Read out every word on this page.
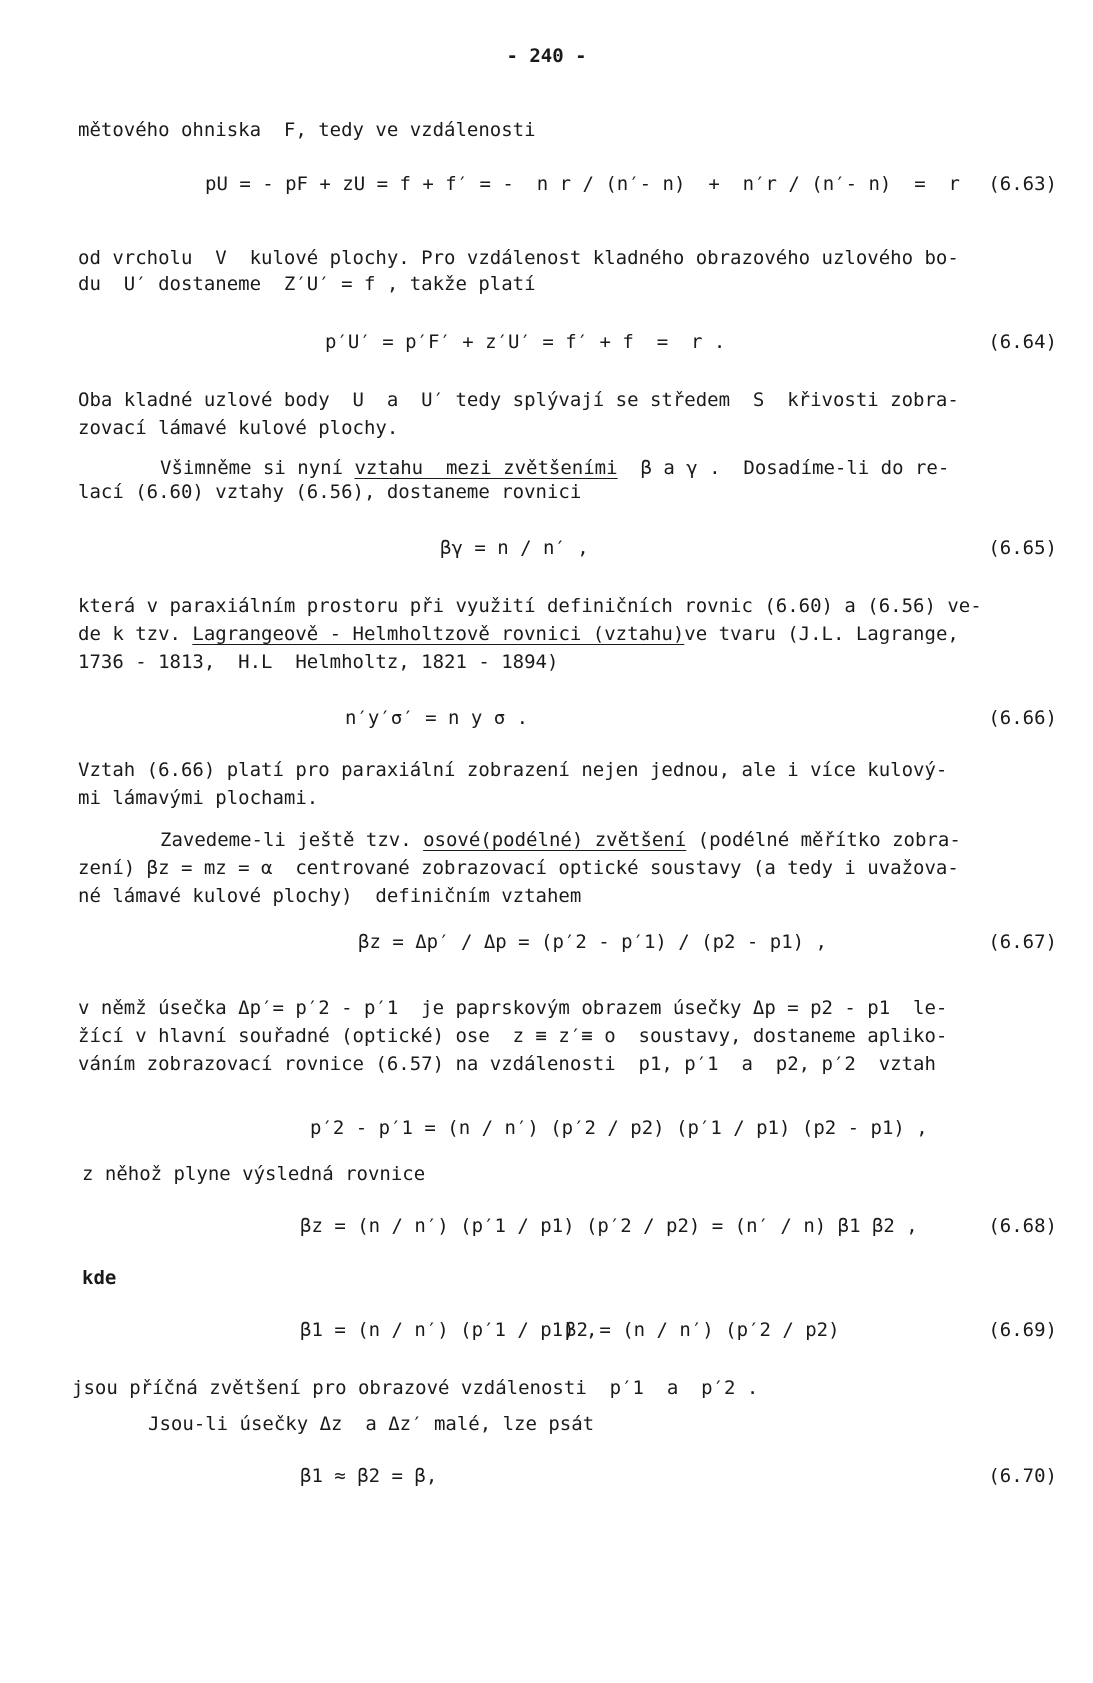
- 240 -
mětového ohniska  F, tedy ve vzdálenosti
pU = - pF + zU = f + f′ = -  n r / (n′- n)  +  n′r / (n′- n)  =  r (6.63)
od vrcholu  V  kulové plochy. Pro vzdálenost kladného obrazového uzlového bo-
du  U′ dostaneme  Z′U′ = f , takže platí
p′U′ = p′F′ + z′U′ = f′ + f  =  r .	(6.64)
Oba kladné uzlové body  U  a  U′ tedy splývají se středem  S  křivosti zobra-
zovací lámavé kulové plochy.
Všimněme si nyní vztahu  mezi zvětšeními  β a γ .  Dosadíme-li do re-
lací (6.60) vztahy (6.56), dostaneme rovnici
βγ = n / n′ ,	(6.65)
která v paraxiálním prostoru při využití definičních rovnic (6.60) a (6.56) ve-
de k tzv. Lagrangeově - Helmholtzově rovnici (vztahu)ve tvaru (J.L. Lagrange,
1736 - 1813,  H.L  Helmholtz, 1821 - 1894)
n′y′σ′ = n y σ .	(6.66)
Vztah (6.66) platí pro paraxiální zobrazení nejen jednou, ale i více kulový-
mi lámavými plochami.
Zavedeme-li ještě tzv. osové(podélné) zvětšení (podélné měřítko zobra-
zení) βz = mz = α  centrované zobrazovací optické soustavy (a tedy i uvažova-
né lámavé kulové plochy)  definičním vztahem
βz = Δp′ / Δp = (p′2 - p′1) / (p2 - p1) ,	(6.67)
v němž úsečka Δp′= p′2 - p′1  je paprskovým obrazem úsečky Δp = p2 - p1  le-
žící v hlavní souřadné (optické) ose  z ≡ z′≡ o  soustavy, dostaneme apliko-
váním zobrazovací rovnice (6.57) na vzdálenosti  p1, p′1  a  p2, p′2  vztah
p′2 - p′1 = (n / n′) (p′2 / p2) (p′1 / p1) (p2 - p1) ,
z něhož plyne výsledná rovnice
βz = (n / n′) (p′1 / p1) (p′2 / p2) = (n′ / n) β1 β2 ,	(6.68)
kde
β1 = (n / n′) (p′1 / p1) ,
β2 = (n / n′) (p′2 / p2)	(6.69)
jsou příčná zvětšení pro obrazové vzdálenosti  p′1  a  p′2 .
Jsou-li úsečky Δz  a Δz′ malé, lze psát
β1 ≈ β2 = β,	(6.70)
